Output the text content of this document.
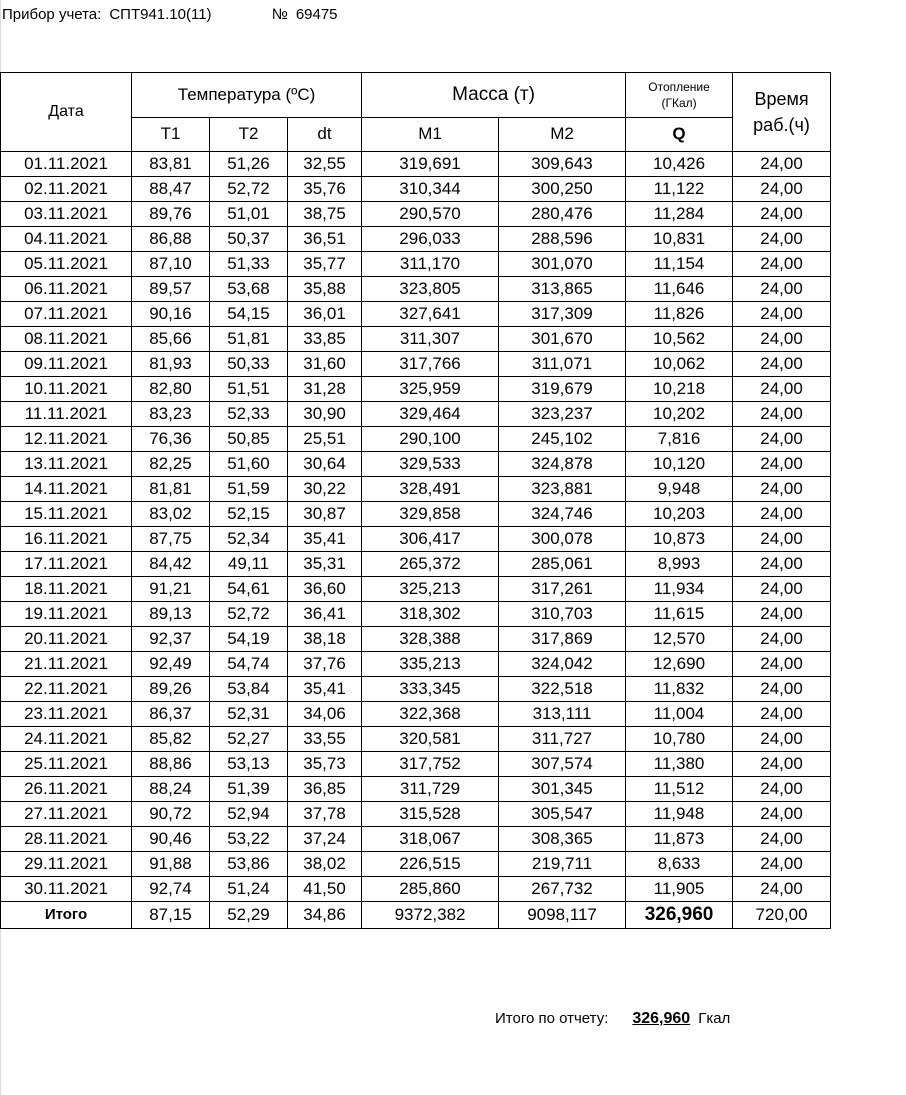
Прибор учета: СПТ941.10(11)	№ 69475
Дата	Температура (ºC)			Масса (т)		Отопление (ГКал)	Время раб.(ч)
	T1	T2	dt	M1	M2	Q	
01.11.2021	83,81	51,26	32,55	319,691	309,643	10,426	24,00
02.11.2021	88,47	52,72	35,76	310,344	300,250	11,122	24,00
03.11.2021	89,76	51,01	38,75	290,570	280,476	11,284	24,00
04.11.2021	86,88	50,37	36,51	296,033	288,596	10,831	24,00
05.11.2021	87,10	51,33	35,77	311,170	301,070	11,154	24,00
06.11.2021	89,57	53,68	35,88	323,805	313,865	11,646	24,00
07.11.2021	90,16	54,15	36,01	327,641	317,309	11,826	24,00
08.11.2021	85,66	51,81	33,85	311,307	301,670	10,562	24,00
09.11.2021	81,93	50,33	31,60	317,766	311,071	10,062	24,00
10.11.2021	82,80	51,51	31,28	325,959	319,679	10,218	24,00
11.11.2021	83,23	52,33	30,90	329,464	323,237	10,202	24,00
12.11.2021	76,36	50,85	25,51	290,100	245,102	7,816	24,00
13.11.2021	82,25	51,60	30,64	329,533	324,878	10,120	24,00
14.11.2021	81,81	51,59	30,22	328,491	323,881	9,948	24,00
15.11.2021	83,02	52,15	30,87	329,858	324,746	10,203	24,00
16.11.2021	87,75	52,34	35,41	306,417	300,078	10,873	24,00
17.11.2021	84,42	49,11	35,31	265,372	285,061	8,993	24,00
18.11.2021	91,21	54,61	36,60	325,213	317,261	11,934	24,00
19.11.2021	89,13	52,72	36,41	318,302	310,703	11,615	24,00
20.11.2021	92,37	54,19	38,18	328,388	317,869	12,570	24,00
21.11.2021	92,49	54,74	37,76	335,213	324,042	12,690	24,00
22.11.2021	89,26	53,84	35,41	333,345	322,518	11,832	24,00
23.11.2021	86,37	52,31	34,06	322,368	313,111	11,004	24,00
24.11.2021	85,82	52,27	33,55	320,581	311,727	10,780	24,00
25.11.2021	88,86	53,13	35,73	317,752	307,574	11,380	24,00
26.11.2021	88,24	51,39	36,85	311,729	301,345	11,512	24,00
27.11.2021	90,72	52,94	37,78	315,528	305,547	11,948	24,00
28.11.2021	90,46	53,22	37,24	318,067	308,365	11,873	24,00
29.11.2021	91,88	53,86	38,02	226,515	219,711	8,633	24,00
30.11.2021	92,74	51,24	41,50	285,860	267,732	11,905	24,00
Итого	87,15	52,29	34,86	9372,382	9098,117	326,960	720,00
Итого по отчету: 326,960 Гкал
